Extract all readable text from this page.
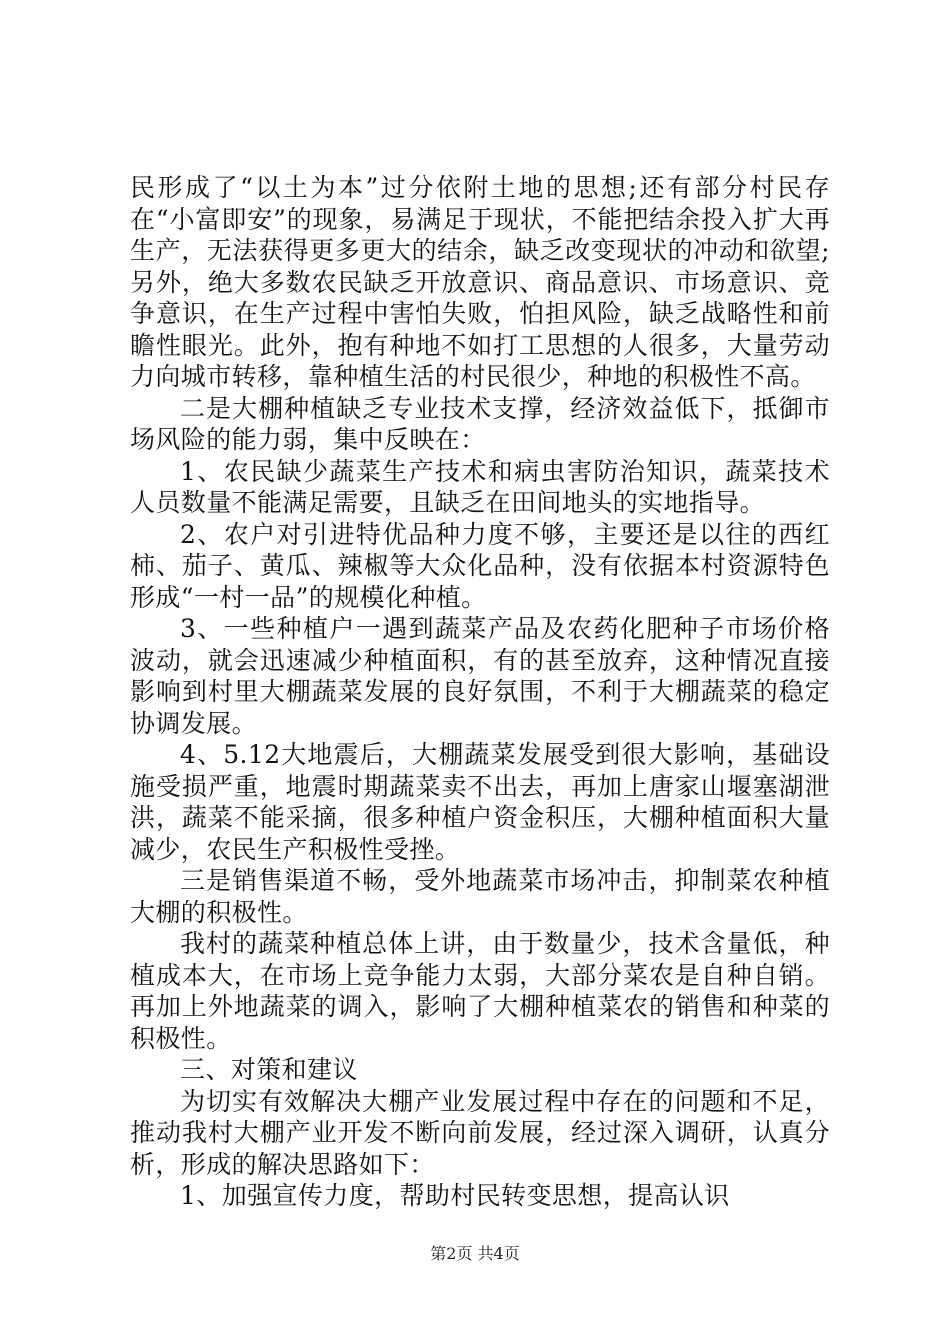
民形成了“以土为本”过分依附土地的思想;还有部分村民存在“小富即安”的现象，易满足于现状，不能把结余投入扩大再生产，无法获得更多更大的结余，缺乏改变现状的冲动和欲望;另外，绝大多数农民缺乏开放意识、商品意识、市场意识、竞争意识，在生产过程中害怕失败，怕担风险，缺乏战略性和前瞻性眼光。此外，抱有种地不如打工思想的人很多，大量劳动力向城市转移，靠种植生活的村民很少，种地的积极性不高。

二是大棚种植缺乏专业技术支撑，经济效益低下，抵御市场风险的能力弱，集中反映在：

1、农民缺少蔬菜生产技术和病虫害防治知识，蔬菜技术人员数量不能满足需要，且缺乏在田间地头的实地指导。

2、农户对引进特优品种力度不够，主要还是以往的西红柿、茄子、黄瓜、辣椒等大众化品种，没有依据本村资源特色形成“一村一品”的规模化种植。

3、一些种植户一遇到蔬菜产品及农药化肥种子市场价格波动，就会迅速减少种植面积，有的甚至放弃，这种情况直接影响到村里大棚蔬菜发展的良好氛围，不利于大棚蔬菜的稳定协调发展。

4、5.12大地震后，大棚蔬菜发展受到很大影响，基础设施受损严重，地震时期蔬菜卖不出去，再加上唐家山堰塞湖泄洪，蔬菜不能采摘，很多种植户资金积压，大棚种植面积大量减少，农民生产积极性受挫。

三是销售渠道不畅，受外地蔬菜市场冲击，抑制菜农种植大棚的积极性。

我村的蔬菜种植总体上讲，由于数量少，技术含量低，种植成本大，在市场上竞争能力太弱，大部分菜农是自种自销。再加上外地蔬菜的调入，影响了大棚种植菜农的销售和种菜的积极性。

三、对策和建议

为切实有效解决大棚产业发展过程中存在的问题和不足，推动我村大棚产业开发不断向前发展，经过深入调研，认真分析，形成的解决思路如下：

1、加强宣传力度，帮助村民转变思想，提高认识

第2页 共4页
